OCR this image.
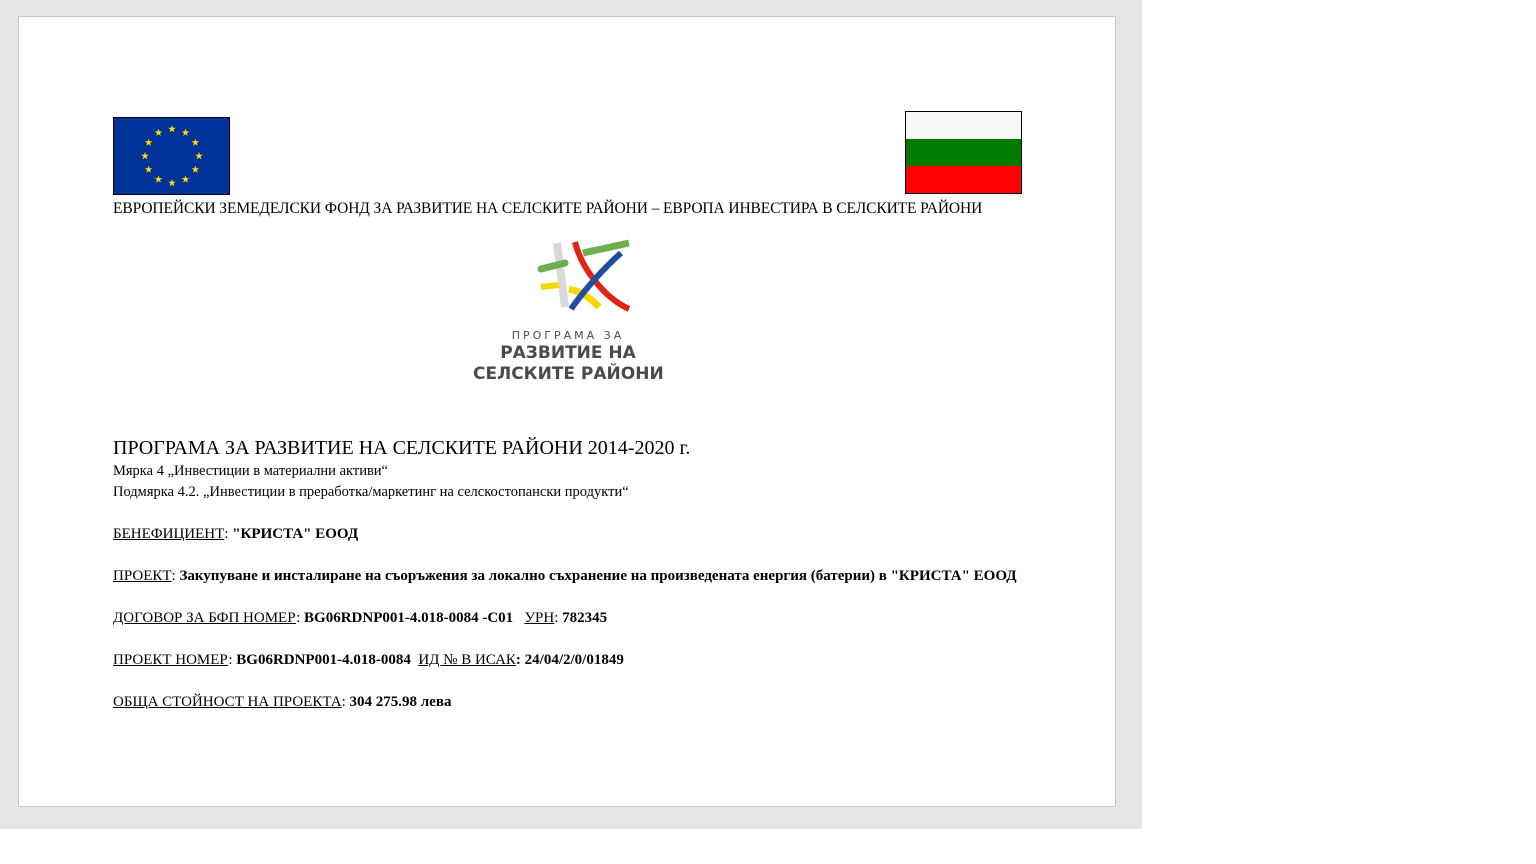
ЕВРОПЕЙСКИ ЗЕМЕДЕЛСКИ ФОНД ЗА РАЗВИТИЕ НА СЕЛСКИТЕ РАЙОНИ – ЕВРОПА ИНВЕСТИРА В СЕЛСКИТЕ РАЙОНИ
ПРОГРАМА ЗА
РАЗВИТИЕ НА
СЕЛСКИТЕ РАЙОНИ

ПРОГРАМА ЗА РАЗВИТИЕ НА СЕЛСКИТЕ РАЙОНИ 2014-2020 г.

Мярка 4 „Инвестиции в материални активи“

Подмярка 4.2. „Инвестиции в преработка/маркетинг на селскостопански продукти“

БЕНЕФИЦИЕНТ: "КРИСТА" ЕООД

ПРОЕКТ: Закупуване и инсталиране на съоръжения за локално съхранение на произведената енергия (батерии) в "КРИСТА" ЕООД

ДОГОВОР ЗА БФП НОМЕР: BG06RDNP001-4.018-0084 -C01 УРН: 782345

ПРОЕКТ НОМЕР: BG06RDNP001-4.018-0084 ИД № В ИСАК: 24/04/2/0/01849

ОБЩА СТОЙНОСТ НА ПРОЕКТА: 304 275.98 лева
